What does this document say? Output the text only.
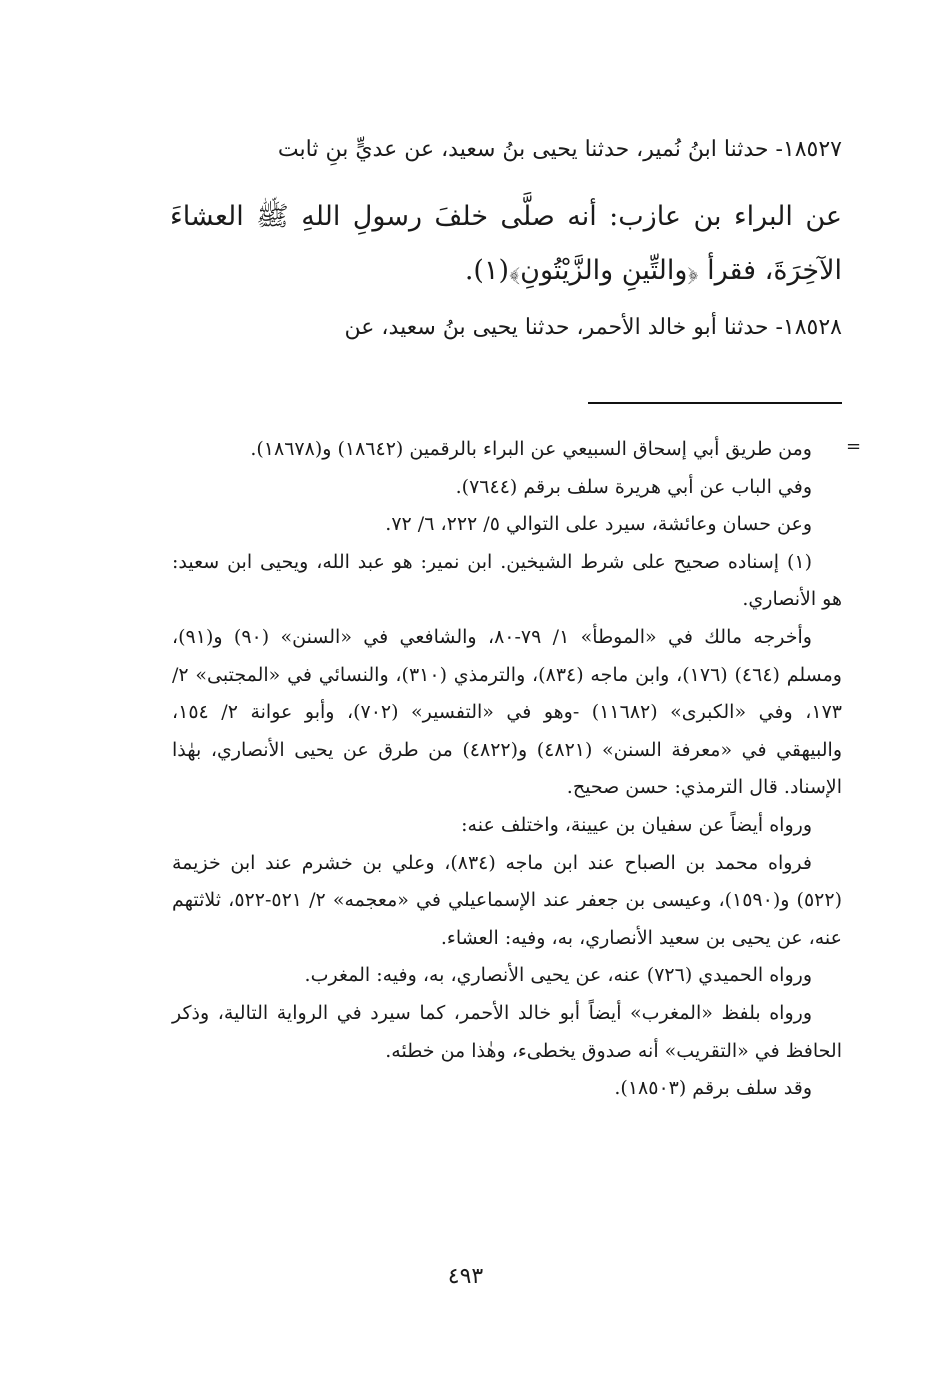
١٨٥٢٧- حدثنا ابنُ نُمير، حدثنا يحيى بنُ سعيد، عن عديٍّ بنِ ثابت
عن البراء بن عازب: أنه صلَّى خلفَ رسولِ اللهِ ﷺ العشاءَ الآخِرَةَ، فقرأ ﴿والتِّينِ والزَّيْتُونِ﴾(١).
١٨٥٢٨- حدثنا أبو خالد الأحمر، حدثنا يحيى بنُ سعيد، عن
=

ومن طريق أبي إسحاق السبيعي عن البراء بالرقمين (١٨٦٤٢) و(١٨٦٧٨).

وفي الباب عن أبي هريرة سلف برقم (٧٦٤٤).

وعن حسان وعائشة، سيرد على التوالي ٥/ ٢٢٢، ٦/ ٧٢.

(١) إسناده صحيح على شرط الشيخين. ابن نمير: هو عبد الله، ويحيى ابن سعيد: هو الأنصاري.

وأخرجه مالك في «الموطأ» ١/ ٧٩-٨٠، والشافعي في «السنن» (٩٠) و(٩١)، ومسلم (٤٦٤) (١٧٦)، وابن ماجه (٨٣٤)، والترمذي (٣١٠)، والنسائي في «المجتبى» ٢/ ١٧٣، وفي «الكبرى» (١١٦٨٢) -وهو في «التفسير» (٧٠٢)، وأبو عوانة ٢/ ١٥٤، والبيهقي في «معرفة السنن» (٤٨٢١) و(٤٨٢٢) من طرق عن يحيى الأنصاري، بهٰذا الإسناد. قال الترمذي: حسن صحيح.

ورواه أيضاً عن سفيان بن عيينة، واختلف عنه:

فرواه محمد بن الصباح عند ابن ماجه (٨٣٤)، وعلي بن خشرم عند ابن خزيمة (٥٢٢) و(١٥٩٠)، وعيسى بن جعفر عند الإسماعيلي في «معجمه» ٢/ ٥٢١-٥٢٢، ثلاثتهم عنه، عن يحيى بن سعيد الأنصاري، به، وفيه: العشاء.

ورواه الحميدي (٧٢٦) عنه، عن يحيى الأنصاري، به، وفيه: المغرب.

ورواه بلفظ «المغرب» أيضاً أبو خالد الأحمر، كما سيرد في الرواية التالية، وذكر الحافظ في «التقريب» أنه صدوق يخطىء، وهٰذا من خطئه.

وقد سلف برقم (١٨٥٠٣).

٤٩٣
